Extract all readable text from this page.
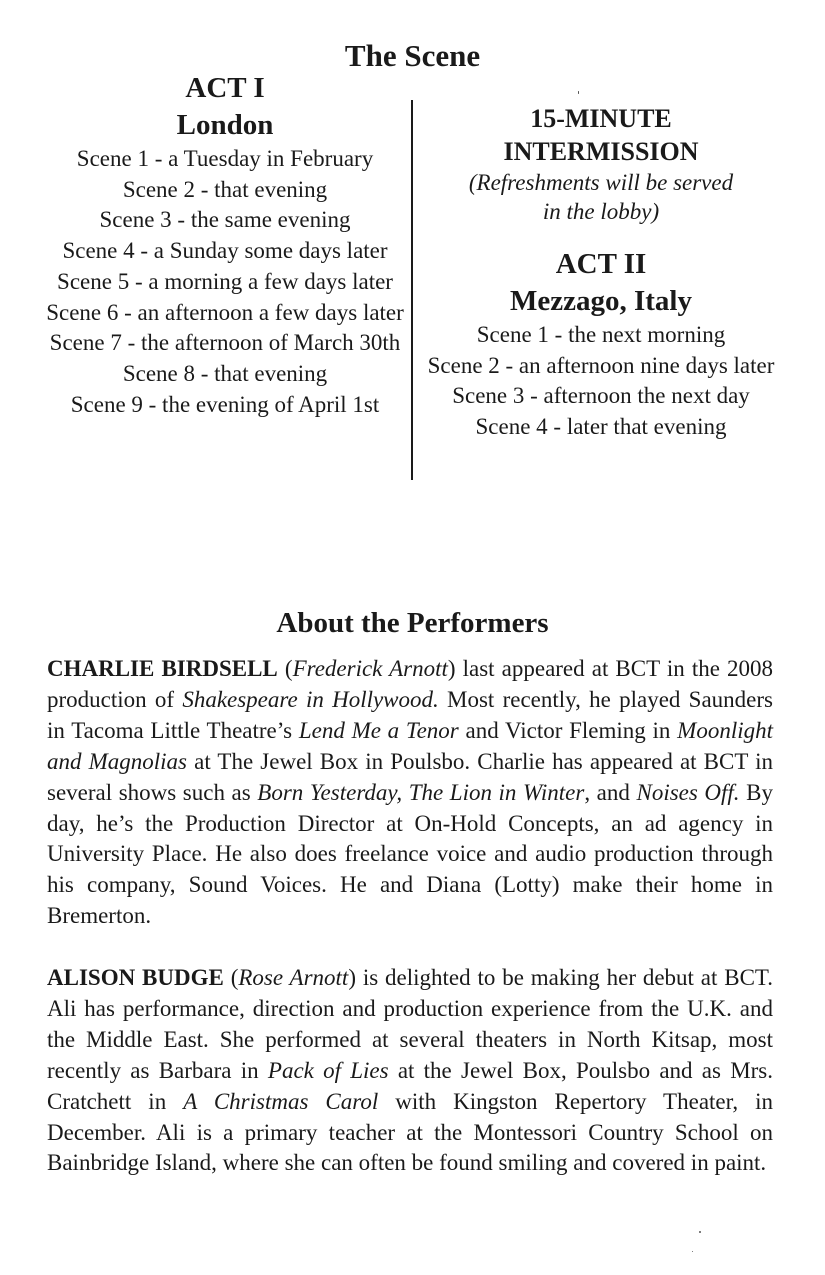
The Scene
ACT I
London
Scene 1 - a Tuesday in February
Scene 2 - that evening
Scene 3 - the same evening
Scene 4 - a Sunday some days later
Scene 5 - a morning a few days later
Scene 6 - an afternoon a few days later
Scene 7 - the afternoon of March 30th
Scene 8 - that evening
Scene 9 - the evening of April 1st
15-MINUTE
INTERMISSION
(Refreshments will be served
in the lobby)
ACT II
Mezzago, Italy
Scene 1 - the next morning
Scene 2 - an afternoon nine days later
Scene 3 - afternoon the next day
Scene 4 - later that evening
About the Performers

CHARLIE BIRDSELL (Frederick Arnott) last appeared at BCT in the 2008 production of Shakespeare in Hollywood. Most recently, he played Saunders in Tacoma Little Theatre’s Lend Me a Tenor and Victor Fleming in Moonlight and Magnolias at The Jewel Box in Poulsbo. Charlie has appeared at BCT in several shows such as Born Yesterday, The Lion in Winter, and Noises Off. By day, he’s the Production Director at On-Hold Concepts, an ad agency in University Place. He also does freelance voice and audio production through his company, Sound Voices. He and Diana (Lotty) make their home in Bremerton.

ALISON BUDGE (Rose Arnott) is delighted to be making her debut at BCT. Ali has performance, direction and production experience from the U.K. and the Middle East. She performed at several theaters in North Kitsap, most recently as Barbara in Pack of Lies at the Jewel Box, Poulsbo and as Mrs. Cratchett in A Christmas Carol with Kingston Repertory Theater, in December. Ali is a primary teacher at the Montessori Country School on Bainbridge Island, where she can often be found smiling and covered in paint.
